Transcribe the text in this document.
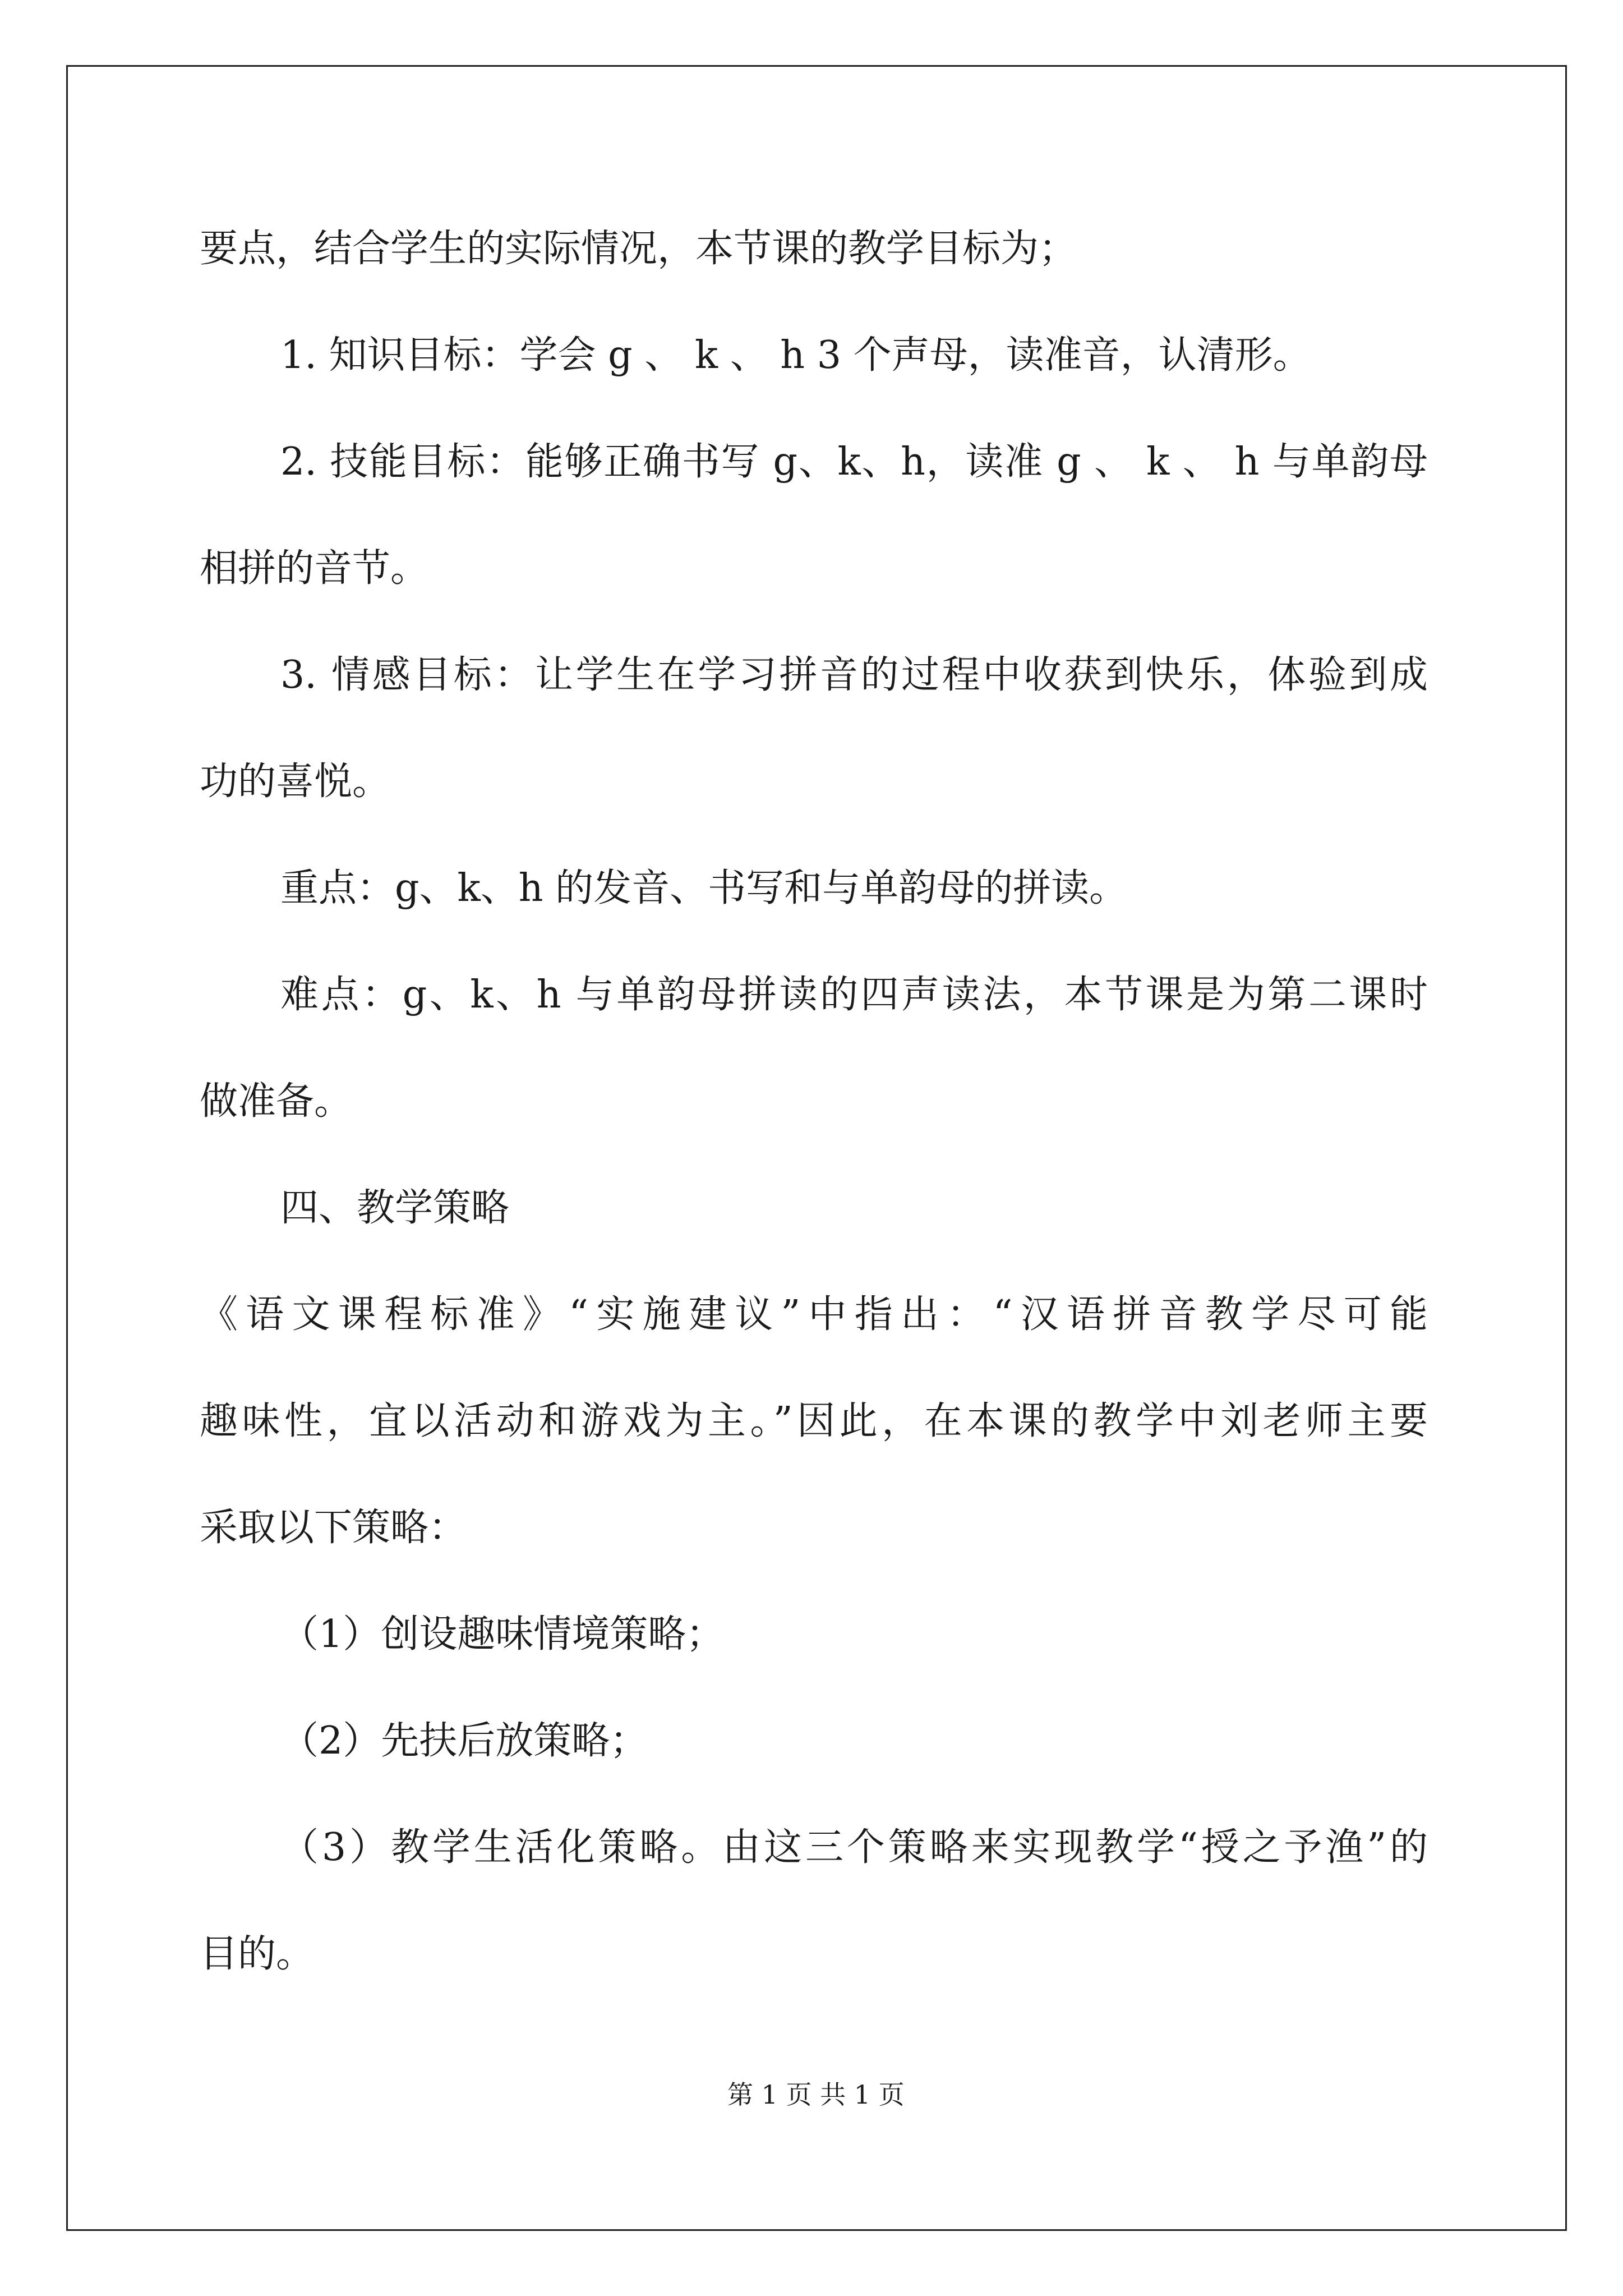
要点，结合学生的实际情况，本节课的教学目标为；
1. 知识目标：学会 g 、 k 、 h 3 个声母，读准音，认清形。
2. 技能目标：能够正确书写 g、k、h，读准 g 、 k 、 h 与单韵母
相拼的音节。
3. 情感目标：让学生在学习拼音的过程中收获到快乐，体验到成
功的喜悦。
重点：g、k、h 的发音、书写和与单韵母的拼读。
难点：g、k、h 与单韵母拼读的四声读法，本节课是为第二课时
做准备。
四、教学策略
《语文课程标准》“实施建议”中指出：“汉语拼音教学尽可能
趣味性，宜以活动和游戏为主。”因此，在本课的教学中刘老师主要
采取以下策略：
（1）创设趣味情境策略；
（2）先扶后放策略；
（3）教学生活化策略。由这三个策略来实现教学“授之予渔”的
目的。
第 1 页 共 1 页
